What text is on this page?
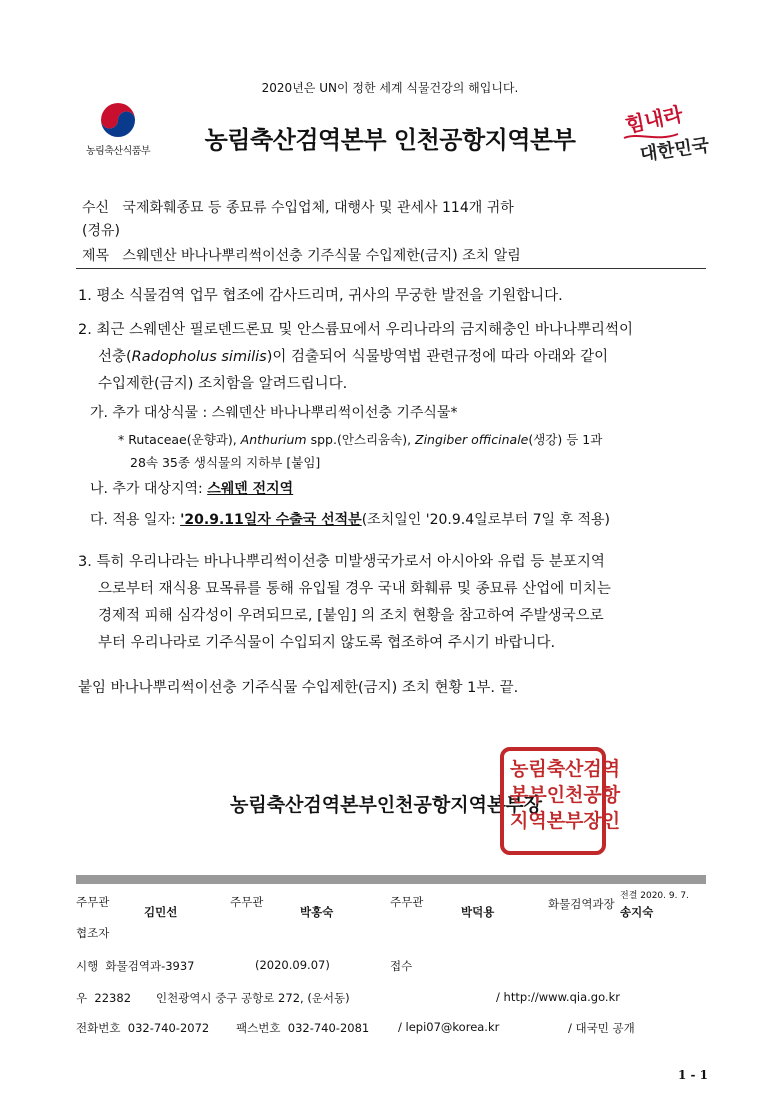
2020년은 UN이 정한 세계 식물건강의 해입니다.
농림축산식품부	농림축산검역본부 인천공항지역본부
힘내라
대한민국
수신 국제화훼종묘 등 종묘류 수입업체, 대행사 및 관세사 114개 귀하
(경유)
제목 스웨덴산 바나나뿌리썩이선충 기주식물 수입제한(금지) 조치 알림
1. 평소 식물검역 업무 협조에 감사드리며, 귀사의 무궁한 발전을 기원합니다.
2. 최근 스웨덴산 필로덴드론묘 및 안스륨묘에서 우리나라의 금지해충인 바나나뿌리썩이
선충(Radopholus similis)이 검출되어 식물방역법 관련규정에 따라 아래와 같이
수입제한(금지) 조치함을 알려드립니다.
가. 추가 대상식물 : 스웨덴산 바나나뿌리썩이선충 기주식물*
* Rutaceae(운향과), Anthurium spp.(안스리움속), Zingiber officinale(생강) 등 1과
28속 35종 생식물의 지하부 [붙임]
나. 추가 대상지역: 스웨덴 전지역
다. 적용 일자: '20.9.11일자 수출국 선적분(조치일인 '20.9.4일로부터 7일 후 적용)
3. 특히 우리나라는 바나나뿌리썩이선충 미발생국가로서 아시아와 유럽 등 분포지역
으로부터 재식용 묘목류를 통해 유입될 경우 국내 화훼류 및 종묘류 산업에 미치는
경제적 피해 심각성이 우려되므로, [붙임] 의 조치 현황을 참고하여 주발생국으로
부터 우리나라로 기주식물이 수입되지 않도록 협조하여 주시기 바랍니다.
붙임 바나나뿌리썩이선충 기주식물 수입제한(금지) 조치 현황 1부. 끝.
농림축산검역본부인천공항지역본부장
농림축산검역
본부인천공항
지역본부장인
주무관
김민선
주무관
박홍숙
주무관
박덕용
화물검역과장
전결 2020. 9. 7.
송지숙
협조자
시행 화물검역과-3937	(2020.09.07)	접수
우 22382 인천광역시 중구 공항로 272, (운서동)	/ http://www.qia.go.kr
전화번호 032-740-2072 팩스번호 032-740-2081	/ lepi07@korea.kr	/ 대국민 공개
1 - 1
